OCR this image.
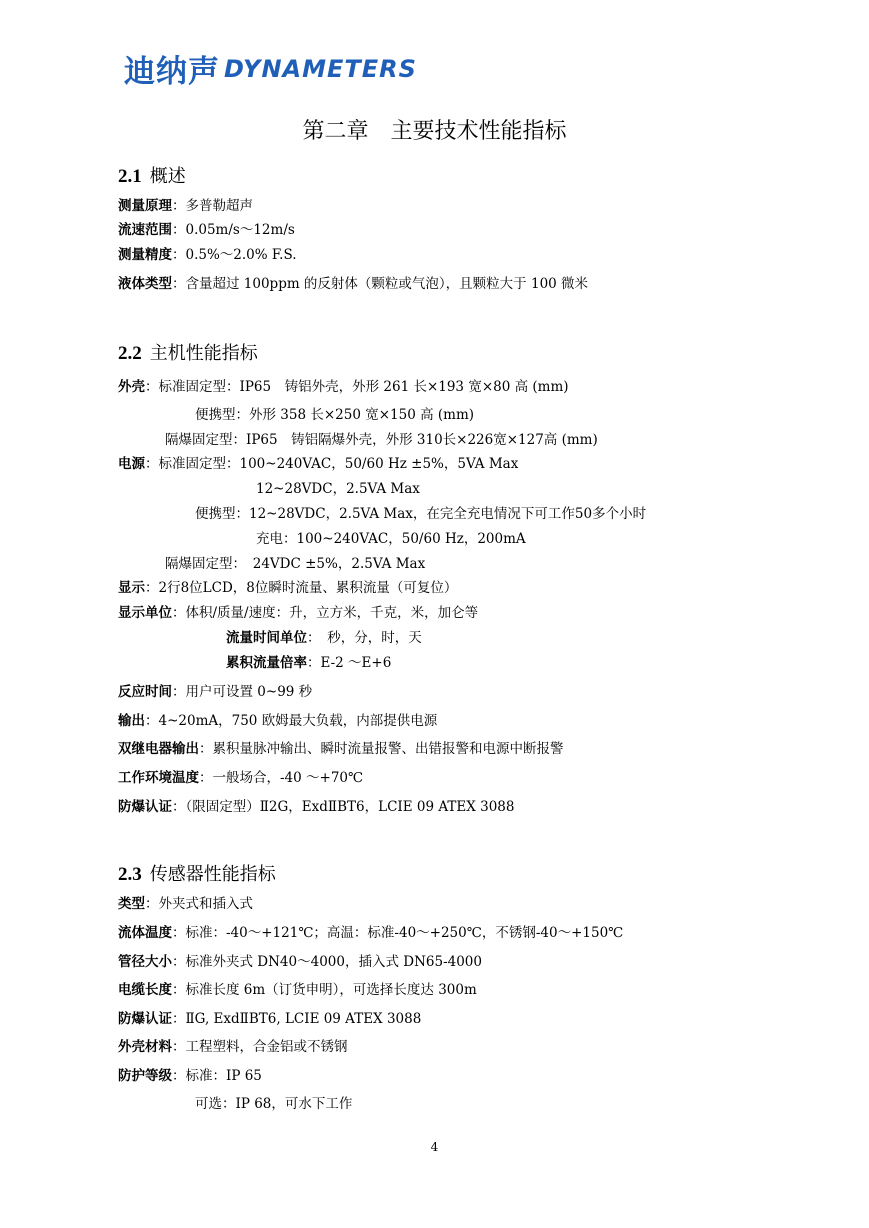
迪纳声 DYNAMETERS
第二章　主要技术性能指标
2.1 概述
测量原理：多普勒超声
流速范围：0.05m/s～12m/s
测量精度：0.5%～2.0% F.S.
液体类型：含量超过 100ppm 的反射体（颗粒或气泡），且颗粒大于 100 微米
2.2 主机性能指标
外壳：标准固定型：IP65　铸铝外壳，外形 261 长×193 宽×80 高 (mm)
便携型：外形 358 长×250 宽×150 高 (mm)
隔爆固定型：IP65　铸铝隔爆外壳，外形 310长×226宽×127高 (mm)
电源：标准固定型：100~240VAC，50/60 Hz ±5%，5VA Max
12~28VDC，2.5VA Max
便携型：12~28VDC，2.5VA Max，在完全充电情况下可工作50多个小时
充电：100~240VAC，50/60 Hz，200mA
隔爆固定型：　24VDC ±5%，2.5VA Max
显示：2行8位LCD，8位瞬时流量、累积流量（可复位）
显示单位：体积/质量/速度：升，立方米，千克，米，加仑等
流量时间单位：　秒，分，时，天
累积流量倍率：E-2 ～E+6
反应时间：用户可设置 0~99 秒
输出：4~20mA，750 欧姆最大负载，内部提供电源
双继电器输出：累积量脉冲输出、瞬时流量报警、出错报警和电源中断报警
工作环境温度：一般场合，-40 ～+70℃
防爆认证：（限固定型）Ⅱ2G，ExdⅡBT6，LCIE 09 ATEX 3088
2.3 传感器性能指标
类型：外夹式和插入式
流体温度：标准：-40～+121℃；高温：标准-40～+250℃，不锈钢-40～+150℃
管径大小：标准外夹式 DN40～4000，插入式 DN65-4000
电缆长度：标准长度 6m（订货申明），可选择长度达 300m
防爆认证：ⅡG, ExdⅡBT6, LCIE 09 ATEX 3088
外壳材料：工程塑料，合金铝或不锈钢
防护等级：标准：IP 65
可选：IP 68，可水下工作
4
